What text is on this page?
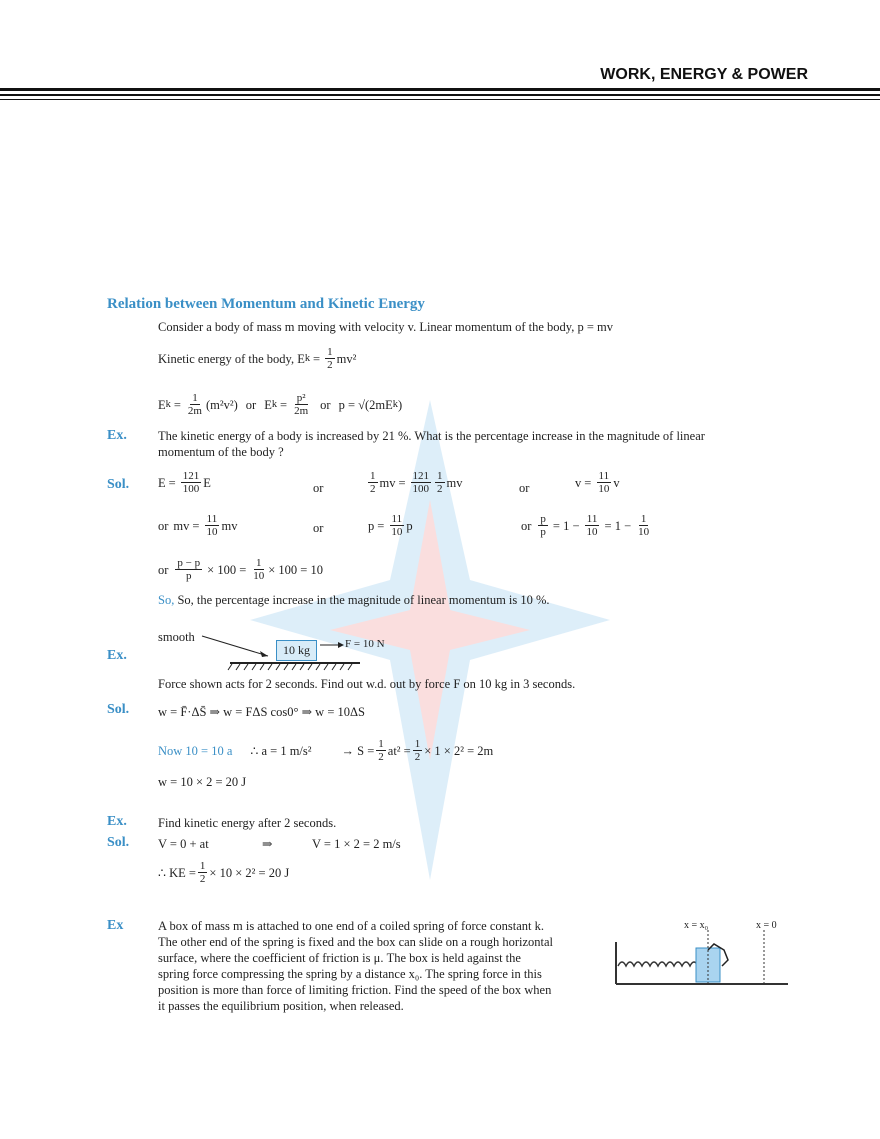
WORK, ENERGY & POWER
Relation between Momentum and Kinetic Energy
Consider a body of mass m moving with velocity v. Linear momentum of the body, p = mv
Kinetic energy of the body, E $k = \frac{1}{2} mv^2$
E $k = \frac{1}{2m} (m^2v^2)$ or E $k = \frac{\text{p²}}{2m}$ or p = √(2mE k )
Ex. The kinetic energy of a body is increased by 21 %. What is the percentage increase in the magnitude of linear
momentum of the body ?
Sol. $E = \frac{121}{100}$ E	or	$\frac{1}{2}$ mv = $\frac{121}{100} \frac{1}{2}$ mv	or	$v = \frac{11}{10}$ v
or mv = $\frac{11}{10}$ mv	or	$p = \frac{11}{10}$ p	or $\frac{p}{p} = 1 - \frac{11}{10} = 1 - \frac{1}{10}$
or $\frac{p - p}{p} \times 100 = \frac{1}{10} \times 100 = 10$
So, So, the percentage increase in the magnitude of linear momentum is 10 %.
Ex.
smooth
10 kg	F = 10 N
Force shown acts for 2 seconds. Find out w.d. out by force F on 10 kg in 3 seconds.
Sol. w = F̄·ΔS̄ ⇒ w = FΔS cos0° ⇒ w = 10ΔS
Now 10 = 10 a ∴ a = 1 $m/s^2 \to S = \frac{1}{2} at^2 = \frac{1}{2} \times 1 \times 2^2 = 2m$
w = 10 × 2 = 20 J
Ex. Find kinetic energy after 2 seconds.
Sol. V = 0 + at	⇒	V = 1 × 2 = 2 m/s
∴ KE = $\frac{1}{2} \times 10 \times 2^2 = 20$ J
Ex	A box of mass m is attached to one end of a coiled spring of force constant k.
The other end of the spring is fixed and the box can slide on a rough horizontal
surface, where the coefficient of friction is μ. The box is held against the
spring force compressing the spring by a distance x₀. The spring force in this
position is more than force of limiting friction. Find the speed of the box when
it passes the equilibrium position, when released.
x = x₀	x = 0
